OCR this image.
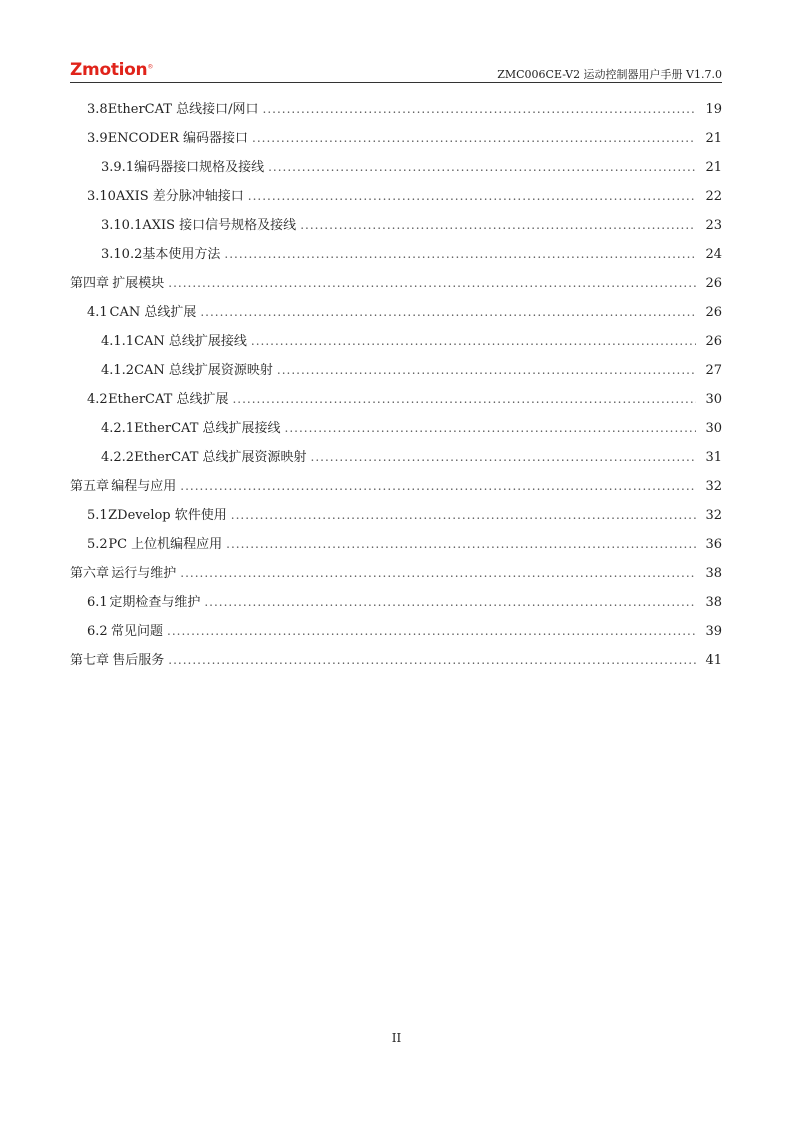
Zmotion®
ZMC006CE-V2 运动控制器用户手册 V1.7.0
3.8 EtherCAT 总线接口/网口 .....	19
3.9 ENCODER 编码器接口 .....	21
3.9.1 编码器接口规格及接线 .....	21
3.10 AXIS 差分脉冲轴接口 .....	22
3.10.1 AXIS 接口信号规格及接线 .....	23
3.10.2 基本使用方法 .....	24
第四章 扩展模块 .....	26
4.1 CAN 总线扩展 .....	26
4.1.1 CAN 总线扩展接线 .....	26
4.1.2 CAN 总线扩展资源映射 .....	27
4.2 EtherCAT 总线扩展 .....	30
4.2.1 EtherCAT 总线扩展接线 .....	30
4.2.2 EtherCAT 总线扩展资源映射 .....	31
第五章 编程与应用 .....	32
5.1 ZDevelop 软件使用 .....	32
5.2 PC 上位机编程应用 .....	36
第六章 运行与维护 .....	38
6.1 定期检查与维护 .....	38
6.2 常见问题 .....	39
第七章 售后服务 .....	41
II
